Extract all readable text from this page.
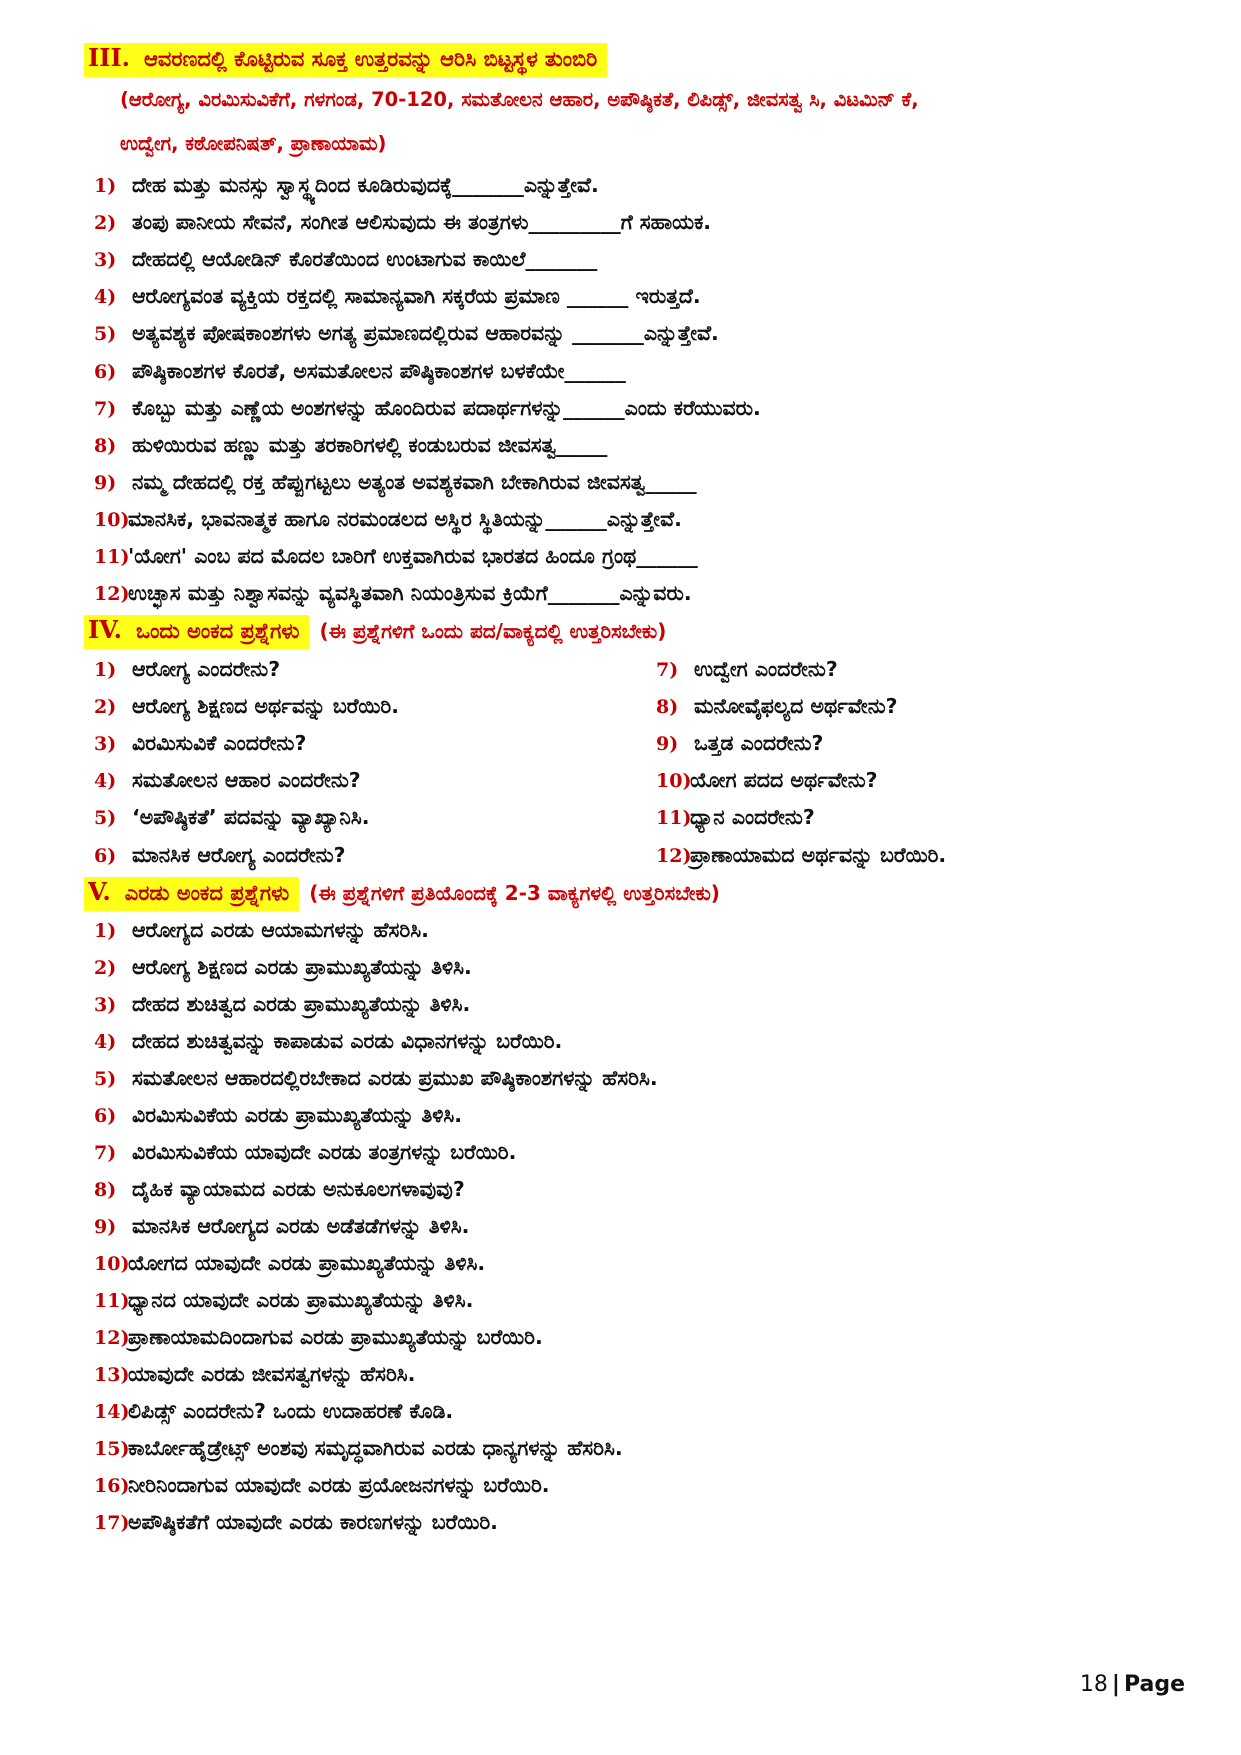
III. ಆವರಣದಲ್ಲಿ ಕೊಟ್ಟಿರುವ ಸೂಕ್ತ ಉತ್ತರವನ್ನು ಆರಿಸಿ ಬಿಟ್ಟಸ್ಥಳ ತುಂಬಿರಿ
(ಆರೋಗ್ಯ, ವಿರಮಿಸುವಿಕೆಗೆ, ಗಳಗಂಡ, 70-120, ಸಮತೋಲನ ಆಹಾರ, ಅಪೌಷ್ಠಿಕತೆ, ಲಿಪಿಡ್ಸ್, ಜೀವಸತ್ವ ಸಿ, ವಿಟಮಿನ್ ಕೆ,
ಉದ್ವೇಗ, ಕಠೋಪನಿಷತ್, ಪ್ರಾಣಾಯಾಮ)
1) ದೇಹ ಮತ್ತು ಮನಸ್ಸು ಸ್ವಾಸ್ಥ್ಯದಿಂದ ಕೂಡಿರುವುದಕ್ಕೆ_______ಎನ್ನುತ್ತೇವೆ.
2) ತಂಪು ಪಾನೀಯ ಸೇವನೆ, ಸಂಗೀತ ಆಲಿಸುವುದು ಈ ತಂತ್ರಗಳು_________ಗೆ ಸಹಾಯಕ.
3) ದೇಹದಲ್ಲಿ ಆಯೋಡಿನ್ ಕೊರತೆಯಿಂದ ಉಂಟಾಗುವ ಕಾಯಿಲೆ_______
4) ಆರೋಗ್ಯವಂತ ವ್ಯಕ್ತಿಯ ರಕ್ತದಲ್ಲಿ ಸಾಮಾನ್ಯವಾಗಿ ಸಕ್ಕರೆಯ ಪ್ರಮಾಣ ______ ಇರುತ್ತದೆ.
5) ಅತ್ಯವಶ್ಯಕ ಪೋಷಕಾಂಶಗಳು ಅಗತ್ಯ ಪ್ರಮಾಣದಲ್ಲಿರುವ ಆಹಾರವನ್ನು _______ಎನ್ನುತ್ತೇವೆ.
6) ಪೌಷ್ಠಿಕಾಂಶಗಳ ಕೊರತೆ, ಅಸಮತೋಲನ ಪೌಷ್ಠಿಕಾಂಶಗಳ ಬಳಕೆಯೇ______
7) ಕೊಬ್ಬು ಮತ್ತು ಎಣ್ಣೆಯ ಅಂಶಗಳನ್ನು ಹೊಂದಿರುವ ಪದಾರ್ಥಗಳನ್ನು______ಎಂದು ಕರೆಯುವರು.
8) ಹುಳಿಯಿರುವ ಹಣ್ಣು ಮತ್ತು ತರಕಾರಿಗಳಲ್ಲಿ ಕಂಡುಬರುವ ಜೀವಸತ್ವ_____
9) ನಮ್ಮ ದೇಹದಲ್ಲಿ ರಕ್ತ ಹೆಪ್ಪುಗಟ್ಟಲು ಅತ್ಯಂತ ಅವಶ್ಯಕವಾಗಿ ಬೇಕಾಗಿರುವ ಜೀವಸತ್ವ_____
10)ಮಾನಸಿಕ, ಭಾವನಾತ್ಮಕ ಹಾಗೂ ನರಮಂಡಲದ ಅಸ್ಥಿರ ಸ್ಥಿತಿಯನ್ನು______ಎನ್ನುತ್ತೇವೆ.
11)'ಯೋಗ' ಎಂಬ ಪದ ಮೊದಲ ಬಾರಿಗೆ ಉಕ್ತವಾಗಿರುವ ಭಾರತದ ಹಿಂದೂ ಗ್ರಂಥ______
12)ಉಚ್ಛಾಸ ಮತ್ತು ನಿಶ್ವಾಸವನ್ನು ವ್ಯವಸ್ಥಿತವಾಗಿ ನಿಯಂತ್ರಿಸುವ ಕ್ರಿಯೆಗೆ_______ಎನ್ನುವರು.
IV. ಒಂದು ಅಂಕದ ಪ್ರಶ್ನೆಗಳು (ಈ ಪ್ರಶ್ನೆಗಳಿಗೆ ಒಂದು ಪದ/ವಾಕ್ಯದಲ್ಲಿ ಉತ್ತರಿಸಬೇಕು)
1) ಆರೋಗ್ಯ ಎಂದರೇನು?
2) ಆರೋಗ್ಯ ಶಿಕ್ಷಣದ ಅರ್ಥವನ್ನು ಬರೆಯಿರಿ.
3) ವಿರಮಿಸುವಿಕೆ ಎಂದರೇನು?
4) ಸಮತೋಲನ ಆಹಾರ ಎಂದರೇನು?
5) ‘ಅಪೌಷ್ಠಿಕತೆ’ ಪದವನ್ನು ವ್ಯಾಖ್ಯಾನಿಸಿ.
6) ಮಾನಸಿಕ ಆರೋಗ್ಯ ಎಂದರೇನು?
7) ಉದ್ವೇಗ ಎಂದರೇನು?
8) ಮನೋವೈಫಲ್ಯದ ಅರ್ಥವೇನು?
9) ಒತ್ತಡ ಎಂದರೇನು?
10)ಯೋಗ ಪದದ ಅರ್ಥವೇನು?
11)ಧ್ಯಾನ ಎಂದರೇನು?
12)ಪ್ರಾಣಾಯಾಮದ ಅರ್ಥವನ್ನು ಬರೆಯಿರಿ.
V. ಎರಡು ಅಂಕದ ಪ್ರಶ್ನೆಗಳು (ಈ ಪ್ರಶ್ನೆಗಳಿಗೆ ಪ್ರತಿಯೊಂದಕ್ಕೆ 2-3 ವಾಕ್ಯಗಳಲ್ಲಿ ಉತ್ತರಿಸಬೇಕು)
1) ಆರೋಗ್ಯದ ಎರಡು ಆಯಾಮಗಳನ್ನು ಹೆಸರಿಸಿ.
2) ಆರೋಗ್ಯ ಶಿಕ್ಷಣದ ಎರಡು ಪ್ರಾಮುಖ್ಯತೆಯನ್ನು ತಿಳಿಸಿ.
3) ದೇಹದ ಶುಚಿತ್ವದ ಎರಡು ಪ್ರಾಮುಖ್ಯತೆಯನ್ನು ತಿಳಿಸಿ.
4) ದೇಹದ ಶುಚಿತ್ವವನ್ನು ಕಾಪಾಡುವ ಎರಡು ವಿಧಾನಗಳನ್ನು ಬರೆಯಿರಿ.
5) ಸಮತೋಲನ ಆಹಾರದಲ್ಲಿರಬೇಕಾದ ಎರಡು ಪ್ರಮುಖ ಪೌಷ್ಠಿಕಾಂಶಗಳನ್ನು ಹೆಸರಿಸಿ.
6) ವಿರಮಿಸುವಿಕೆಯ ಎರಡು ಪ್ರಾಮುಖ್ಯತೆಯನ್ನು ತಿಳಿಸಿ.
7) ವಿರಮಿಸುವಿಕೆಯ ಯಾವುದೇ ಎರಡು ತಂತ್ರಗಳನ್ನು ಬರೆಯಿರಿ.
8) ದೈಹಿಕ ವ್ಯಾಯಾಮದ ಎರಡು ಅನುಕೂಲಗಳಾವುವು?
9) ಮಾನಸಿಕ ಆರೋಗ್ಯದ ಎರಡು ಅಡೆತಡೆಗಳನ್ನು ತಿಳಿಸಿ.
10)ಯೋಗದ ಯಾವುದೇ ಎರಡು ಪ್ರಾಮುಖ್ಯತೆಯನ್ನು ತಿಳಿಸಿ.
11)ಧ್ಯಾನದ ಯಾವುದೇ ಎರಡು ಪ್ರಾಮುಖ್ಯತೆಯನ್ನು ತಿಳಿಸಿ.
12)ಪ್ರಾಣಾಯಾಮದಿಂದಾಗುವ ಎರಡು ಪ್ರಾಮುಖ್ಯತೆಯನ್ನು ಬರೆಯಿರಿ.
13)ಯಾವುದೇ ಎರಡು ಜೀವಸತ್ವಗಳನ್ನು ಹೆಸರಿಸಿ.
14)ಲಿಪಿಡ್ಸ್ ಎಂದರೇನು? ಒಂದು ಉದಾಹರಣೆ ಕೊಡಿ.
15)ಕಾರ್ಬೋಹೈಡ್ರೇಟ್ಸ್ ಅಂಶವು ಸಮೃದ್ಧವಾಗಿರುವ ಎರಡು ಧಾನ್ಯಗಳನ್ನು ಹೆಸರಿಸಿ.
16)ನೀರಿನಿಂದಾಗುವ ಯಾವುದೇ ಎರಡು ಪ್ರಯೋಜನಗಳನ್ನು ಬರೆಯಿರಿ.
17)ಅಪೌಷ್ಠಿಕತೆಗೆ ಯಾವುದೇ ಎರಡು ಕಾರಣಗಳನ್ನು ಬರೆಯಿರಿ.
18 | Page
